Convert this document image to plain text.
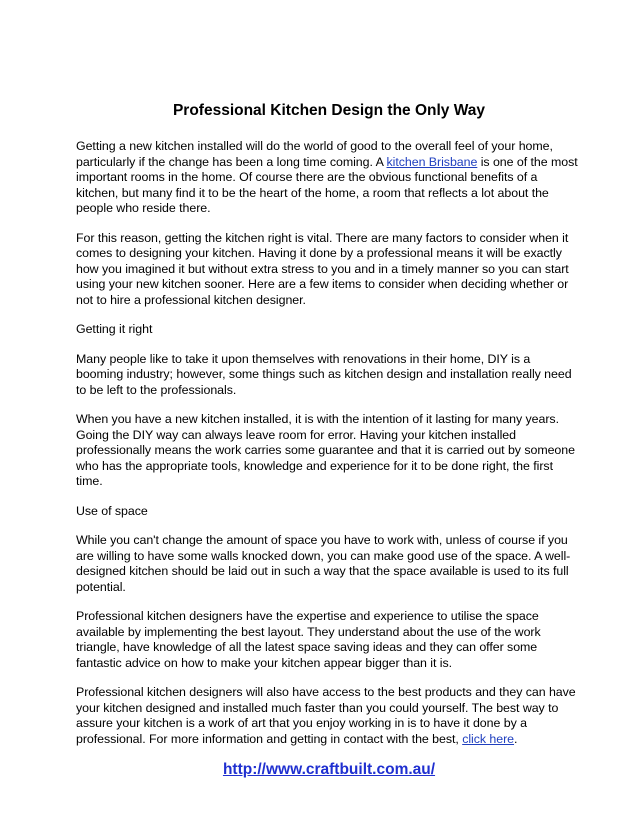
Professional Kitchen Design the Only Way

Getting a new kitchen installed will do the world of good to the overall feel of your home, particularly if the change has been a long time coming. A kitchen Brisbane is one of the most important rooms in the home. Of course there are the obvious functional benefits of a kitchen, but many find it to be the heart of the home, a room that reflects a lot about the people who reside there.

For this reason, getting the kitchen right is vital. There are many factors to consider when it comes to designing your kitchen. Having it done by a professional means it will be exactly how you imagined it but without extra stress to you and in a timely manner so you can start using your new kitchen sooner. Here are a few items to consider when deciding whether or not to hire a professional kitchen designer.

Getting it right

Many people like to take it upon themselves with renovations in their home, DIY is a booming industry; however, some things such as kitchen design and installation really need to be left to the professionals.

When you have a new kitchen installed, it is with the intention of it lasting for many years. Going the DIY way can always leave room for error. Having your kitchen installed professionally means the work carries some guarantee and that it is carried out by someone who has the appropriate tools, knowledge and experience for it to be done right, the first time.

Use of space

While you can't change the amount of space you have to work with, unless of course if you are willing to have some walls knocked down, you can make good use of the space. A well-designed kitchen should be laid out in such a way that the space available is used to its full potential.

Professional kitchen designers have the expertise and experience to utilise the space available by implementing the best layout. They understand about the use of the work triangle, have knowledge of all the latest space saving ideas and they can offer some fantastic advice on how to make your kitchen appear bigger than it is.

Professional kitchen designers will also have access to the best products and they can have your kitchen designed and installed much faster than you could yourself. The best way to assure your kitchen is a work of art that you enjoy working in is to have it done by a professional. For more information and getting in contact with the best, click here.

http://www.craftbuilt.com.au/
